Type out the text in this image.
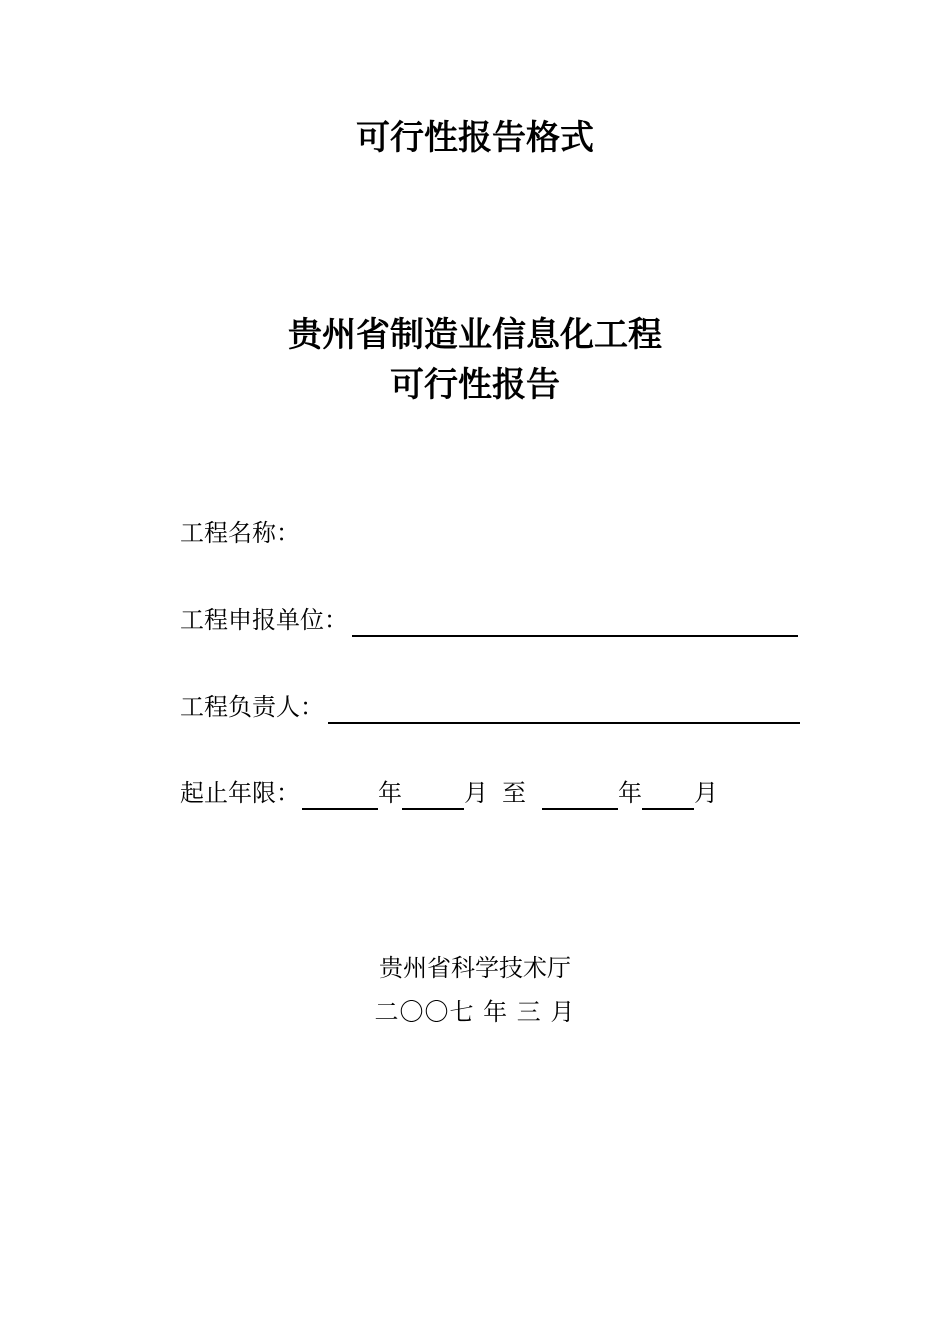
可行性报告格式
贵州省制造业信息化工程
可行性报告
工程名称：
工程申报单位：
工程负责人：
起止年限：	年	月 至	年 月
贵州省科学技术厅
二〇〇七 年 三 月
